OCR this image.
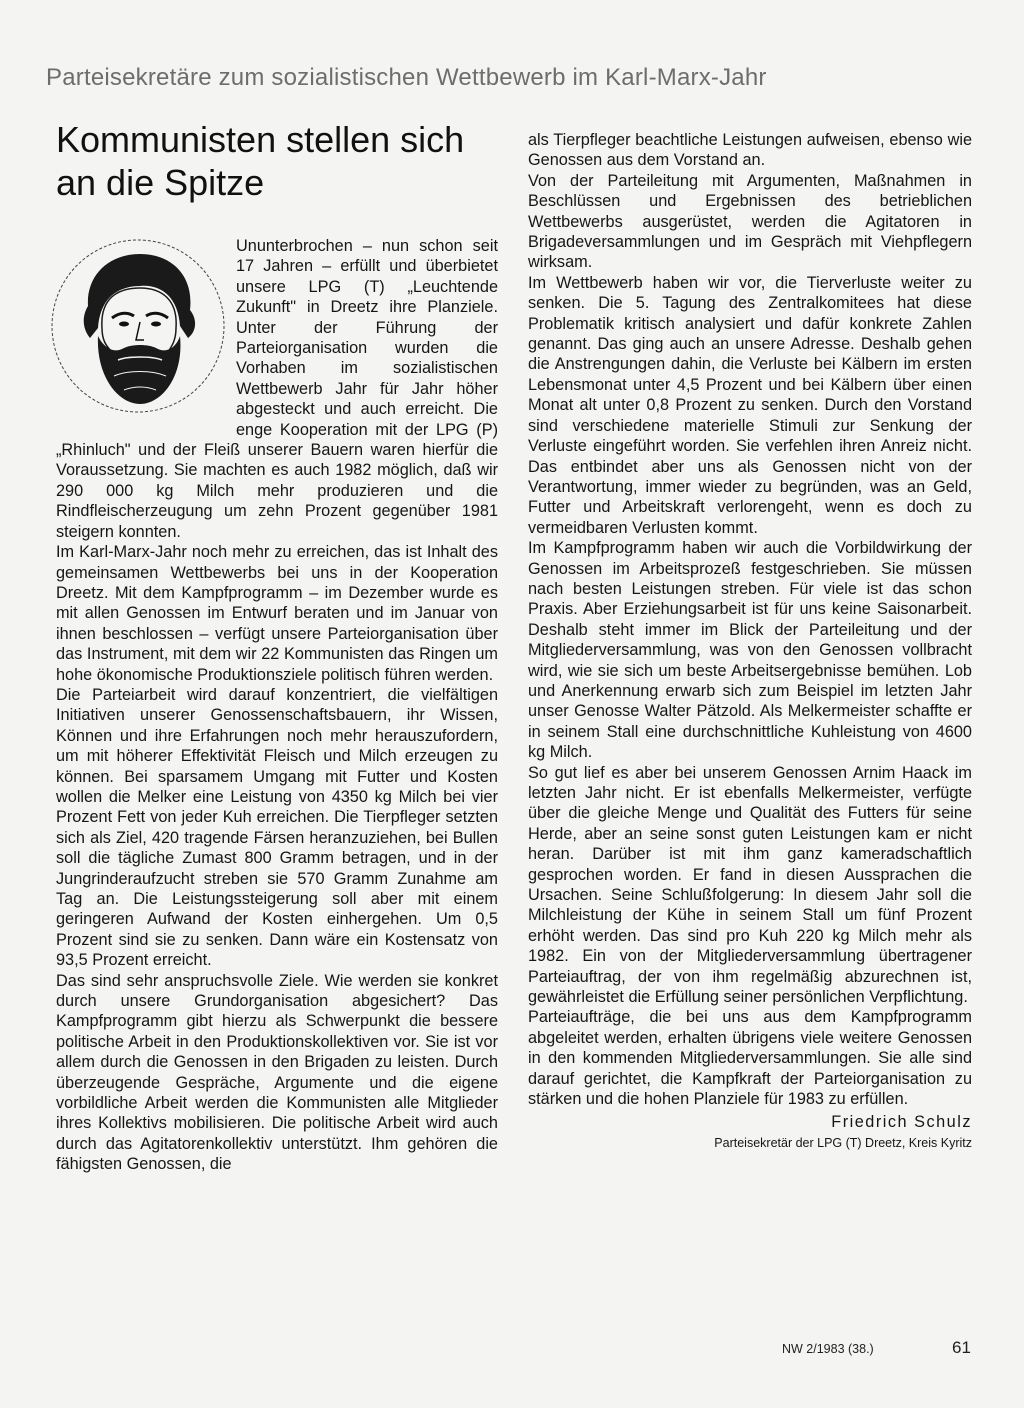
Parteisekretäre zum sozialistischen Wettbewerb im Karl-Marx-Jahr
Kommunisten stellen sich an die Spitze

Ununterbrochen – nun schon seit 17 Jahren – erfüllt und überbietet unsere LPG (T) „Leuchtende Zukunft" in Dreetz ihre Planziele. Unter der Führung der Parteiorganisation wurden die Vorhaben im sozialistischen Wettbewerb Jahr für Jahr höher abgesteckt und auch erreicht. Die enge Kooperation mit der LPG (P) „Rhinluch" und der Fleiß unserer Bauern waren hierfür die Voraussetzung. Sie machten es auch 1982 möglich, daß wir 290 000 kg Milch mehr produzieren und die Rindfleischerzeugung um zehn Prozent gegenüber 1981 steigern konnten.

Im Karl-Marx-Jahr noch mehr zu erreichen, das ist Inhalt des gemeinsamen Wettbewerbs bei uns in der Kooperation Dreetz. Mit dem Kampfprogramm – im Dezember wurde es mit allen Genossen im Entwurf beraten und im Januar von ihnen beschlossen – verfügt unsere Parteiorganisation über das Instrument, mit dem wir 22 Kommunisten das Ringen um hohe ökonomische Produktionsziele politisch führen werden.

Die Parteiarbeit wird darauf konzentriert, die vielfältigen Initiativen unserer Genossenschaftsbauern, ihr Wissen, Können und ihre Erfahrungen noch mehr herauszufordern, um mit höherer Effektivität Fleisch und Milch erzeugen zu können. Bei sparsamem Umgang mit Futter und Kosten wollen die Melker eine Leistung von 4350 kg Milch bei vier Prozent Fett von jeder Kuh erreichen. Die Tierpfleger setzten sich als Ziel, 420 tragende Färsen heranzuziehen, bei Bullen soll die tägliche Zumast 800 Gramm betragen, und in der Jungrinderaufzucht streben sie 570 Gramm Zunahme am Tag an. Die Leistungssteigerung soll aber mit einem geringeren Aufwand der Kosten einhergehen. Um 0,5 Prozent sind sie zu senken. Dann wäre ein Kostensatz von 93,5 Prozent erreicht.

Das sind sehr anspruchsvolle Ziele. Wie werden sie konkret durch unsere Grundorganisation abgesichert? Das Kampfprogramm gibt hierzu als Schwerpunkt die bessere politische Arbeit in den Produktionskollektiven vor. Sie ist vor allem durch die Genossen in den Brigaden zu leisten. Durch überzeugende Gespräche, Argumente und die eigene vorbildliche Arbeit werden die Kommunisten alle Mitglieder ihres Kollektivs mobilisieren. Die politische Arbeit wird auch durch das Agitatorenkollektiv unterstützt. Ihm gehören die fähigsten Genossen, die

als Tierpfleger beachtliche Leistungen aufweisen, ebenso wie Genossen aus dem Vorstand an.

Von der Parteileitung mit Argumenten, Maßnahmen in Beschlüssen und Ergebnissen des betrieblichen Wettbewerbs ausgerüstet, werden die Agitatoren in Brigadeversammlungen und im Gespräch mit Viehpflegern wirksam.

Im Wettbewerb haben wir vor, die Tierverluste weiter zu senken. Die 5. Tagung des Zentralkomitees hat diese Problematik kritisch analysiert und dafür konkrete Zahlen genannt. Das ging auch an unsere Adresse. Deshalb gehen die Anstrengungen dahin, die Verluste bei Kälbern im ersten Lebensmonat unter 4,5 Prozent und bei Kälbern über einen Monat alt unter 0,8 Prozent zu senken. Durch den Vorstand sind verschiedene materielle Stimuli zur Senkung der Verluste eingeführt worden. Sie verfehlen ihren Anreiz nicht. Das entbindet aber uns als Genossen nicht von der Verantwortung, immer wieder zu begründen, was an Geld, Futter und Arbeitskraft verlorengeht, wenn es doch zu vermeidbaren Verlusten kommt.

Im Kampfprogramm haben wir auch die Vorbildwirkung der Genossen im Arbeitsprozeß festgeschrieben. Sie müssen nach besten Leistungen streben. Für viele ist das schon Praxis. Aber Erziehungsarbeit ist für uns keine Saisonarbeit. Deshalb steht immer im Blick der Parteileitung und der Mitgliederversammlung, was von den Genossen vollbracht wird, wie sie sich um beste Arbeitsergebnisse bemühen. Lob und Anerkennung erwarb sich zum Beispiel im letzten Jahr unser Genosse Walter Pätzold. Als Melkermeister schaffte er in seinem Stall eine durchschnittliche Kuhleistung von 4600 kg Milch.

So gut lief es aber bei unserem Genossen Arnim Haack im letzten Jahr nicht. Er ist ebenfalls Melkermeister, verfügte über die gleiche Menge und Qualität des Futters für seine Herde, aber an seine sonst guten Leistungen kam er nicht heran. Darüber ist mit ihm ganz kameradschaftlich gesprochen worden. Er fand in diesen Aussprachen die Ursachen. Seine Schlußfolgerung: In diesem Jahr soll die Milchleistung der Kühe in seinem Stall um fünf Prozent erhöht werden. Das sind pro Kuh 220 kg Milch mehr als 1982. Ein von der Mitgliederversammlung übertragener Parteiauftrag, der von ihm regelmäßig abzurechnen ist, gewährleistet die Erfüllung seiner persönlichen Verpflichtung.

Parteiaufträge, die bei uns aus dem Kampfprogramm abgeleitet werden, erhalten übrigens viele weitere Genossen in den kommenden Mitgliederversammlungen. Sie alle sind darauf gerichtet, die Kampfkraft der Parteiorganisation zu stärken und die hohen Planziele für 1983 zu erfüllen.

Friedrich Schulz

Parteisekretär der LPG (T) Dreetz, Kreis Kyritz

NW 2/1983 (38.)	61
